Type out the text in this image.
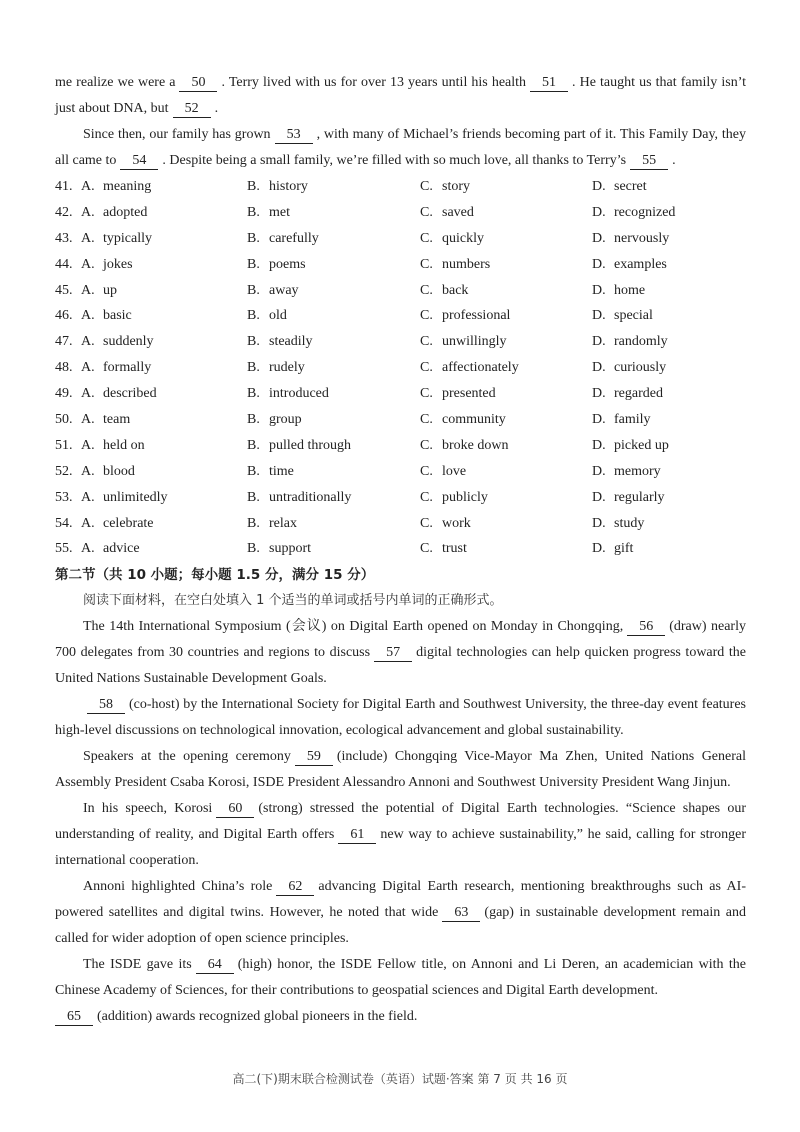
me realize we were a 50 . Terry lived with us for over 13 years until his health 51 . He taught us that family isn’t just about DNA, but 52 .

Since then, our family has grown 53 , with many of Michael’s friends becoming part of it. This Family Day, they all came to 54 . Despite being a small family, we’re filled with so much love, all thanks to Terry’s 55 .

41. A. meaning	B. history	C. story	D. secret
42. A. adopted	B. met	C. saved	D. recognized
43. A. typically	B. carefully	C. quickly	D. nervously
44. A. jokes	B. poems	C. numbers	D. examples
45. A. up	B. away	C. back	D. home
46. A. basic	B. old	C. professional	D. special
47. A. suddenly	B. steadily	C. unwillingly	D. randomly
48. A. formally	B. rudely	C. affectionately	D. curiously
49. A. described	B. introduced	C. presented	D. regarded
50. A. team	B. group	C. community	D. family
51. A. held on	B. pulled through	C. broke down	D. picked up
52. A. blood	B. time	C. love	D. memory
53. A. unlimitedly	B. untraditionally	C. publicly	D. regularly
54. A. celebrate	B. relax	C. work	D. study
55. A. advice	B. support	C. trust	D. gift
第二节（共 10 小题；每小题 1.5 分，满分 15 分）
阅读下面材料，在空白处填入 1 个适当的单词或括号内单词的正确形式。

The 14th International Symposium (会议) on Digital Earth opened on Monday in Chongqing, 56 (draw) nearly 700 delegates from 30 countries and regions to discuss 57 digital technologies can help quicken progress toward the United Nations Sustainable Development Goals.

58 (co-host) by the International Society for Digital Earth and Southwest University, the three-day event features high-level discussions on technological innovation, ecological advancement and global sustainability.

Speakers at the opening ceremony 59 (include) Chongqing Vice-Mayor Ma Zhen, United Nations General Assembly President Csaba Korosi, ISDE President Alessandro Annoni and Southwest University President Wang Jinjun.

In his speech, Korosi 60 (strong) stressed the potential of Digital Earth technologies. “Science shapes our understanding of reality, and Digital Earth offers 61 new way to achieve sustainability,” he said, calling for stronger international cooperation.

Annoni highlighted China’s role 62 advancing Digital Earth research, mentioning breakthroughs such as AI-powered satellites and digital twins. However, he noted that wide 63 (gap) in sustainable development remain and called for wider adoption of open science principles.

The ISDE gave its 64 (high) honor, the ISDE Fellow title, on Annoni and Li Deren, an academician with the Chinese Academy of Sciences, for their contributions to geospatial sciences and Digital Earth development.

65 (addition) awards recognized global pioneers in the field.

高二(下)期末联合检测试卷（英语）试题·答案 第 7 页 共 16 页
